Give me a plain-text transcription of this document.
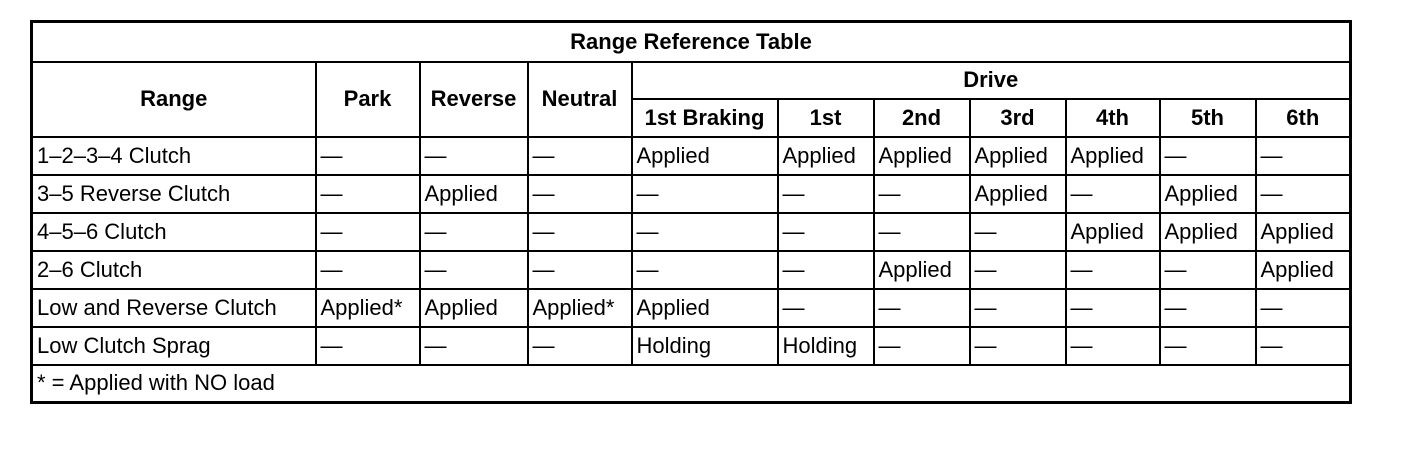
Range Reference Table										
Range	Park	Reverse	Neutral	Drive						
				1st Braking	1st	2nd	3rd	4th	5th	6th
1–2–3–4 Clutch	—	—	—	Applied	Applied	Applied	Applied	Applied	—	—
3–5 Reverse Clutch	—	Applied	—	—	—	—	Applied	—	Applied	—
4–5–6 Clutch	—	—	—	—	—	—	—	Applied	Applied	Applied
2–6 Clutch	—	—	—	—	—	Applied	—	—	—	Applied
Low and Reverse Clutch	Applied*	Applied	Applied*	Applied	—	—	—	—	—	—
Low Clutch Sprag	—	—	—	Holding	Holding	—	—	—	—	—
* = Applied with NO load										
